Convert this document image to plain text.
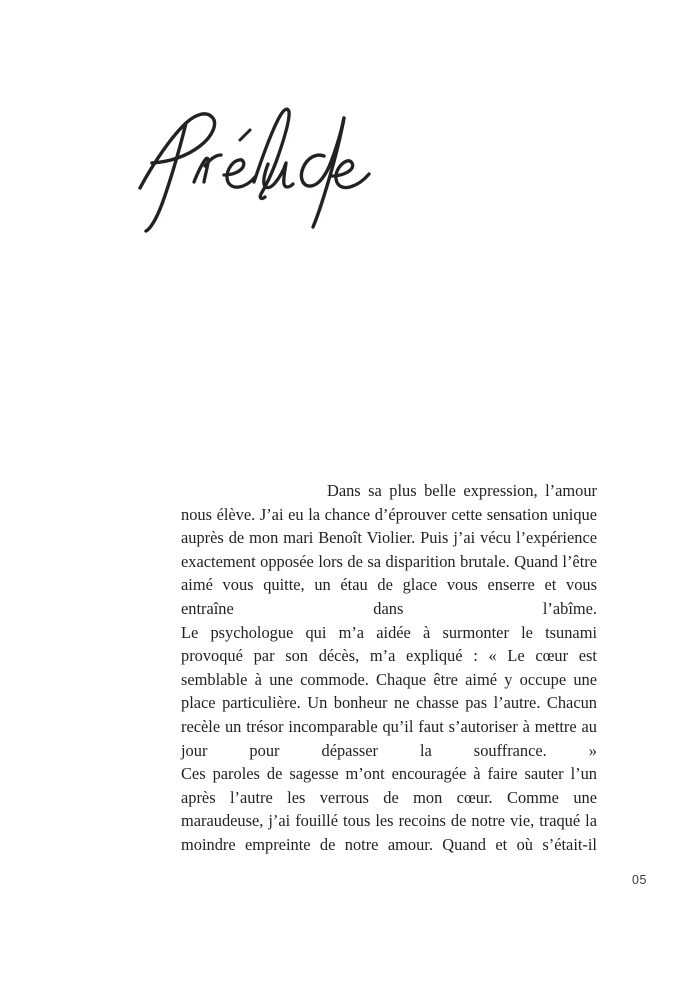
Dans sa plus belle expression, l’amour nous élève. J’ai eu la chance d’éprouver cette sensation unique auprès de mon mari Benoît Violier. Puis j’ai vécu l’expérience exactement opposée lors de sa disparition brutale. Quand l’être aimé vous quitte, un étau de glace vous enserre et vous entraîne dans l’abîme.

Le psychologue qui m’a aidée à surmonter le tsunami provoqué par son décès, m’a expliqué : « Le cœur est semblable à une commode. Chaque être aimé y occupe une place particulière. Un bonheur ne chasse pas l’autre. Chacun recèle un trésor incomparable qu’il faut s’autoriser à mettre au jour pour dépasser la souffrance. »

Ces paroles de sagesse m’ont encouragée à faire sauter l’un après l’autre les verrous de mon cœur. Comme une maraudeuse, j’ai fouillé tous les recoins de notre vie, traqué la moindre empreinte de notre amour. Quand et où s’était-il

05
